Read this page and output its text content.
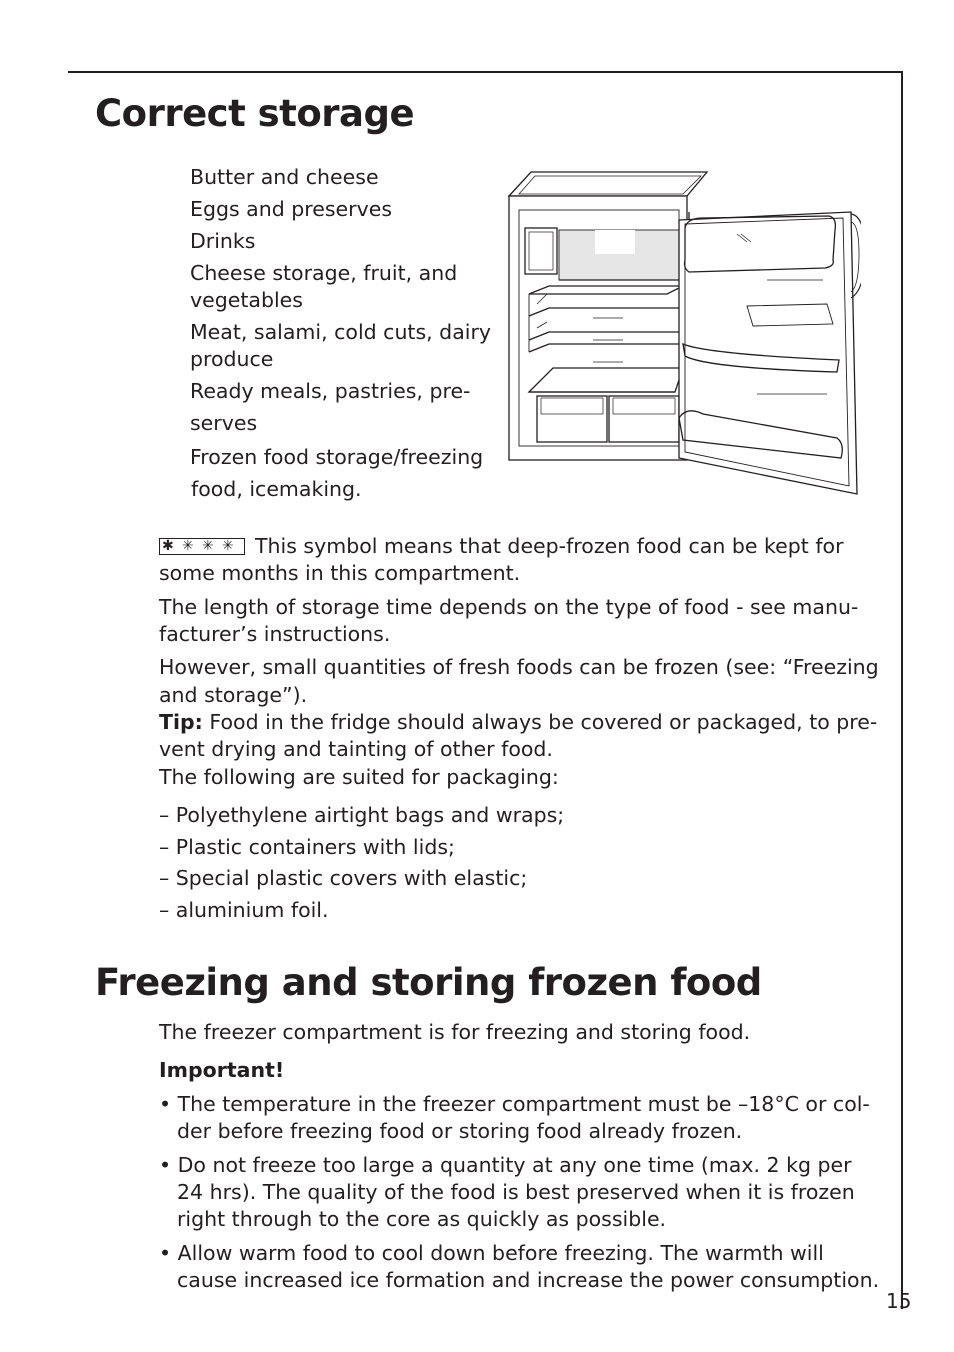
Correct storage

Butter and cheese

Eggs and preserves

Drinks

Cheese storage, fruit, and

vegetables

Meat, salami, cold cuts, dairy

produce

Ready meals, pastries, pre-

serves

Frozen food storage/freezing

food, icemaking.

✱ ✳ ✳ ✳ This symbol means that deep-frozen food can be kept for

some months in this compartment.

The length of storage time depends on the type of food - see manu-

facturer’s instructions.

However, small quantities of fresh foods can be frozen (see: “Freezing

and storage”).

Tip: Food in the fridge should always be covered or packaged, to pre-

vent drying and tainting of other food.

The following are suited for packaging:

– Polyethylene airtight bags and wraps;

– Plastic containers with lids;

– Special plastic covers with elastic;

– aluminium foil.

Freezing and storing frozen food

The freezer compartment is for freezing and storing food.

Important!

• The temperature in the freezer compartment must be –18°C or col-

der before freezing food or storing food already frozen.

• Do not freeze too large a quantity at any one time (max. 2 kg per

24 hrs). The quality of the food is best preserved when it is frozen

right through to the core as quickly as possible.

• Allow warm food to cool down before freezing. The warmth will

cause increased ice formation and increase the power consumption.

15
